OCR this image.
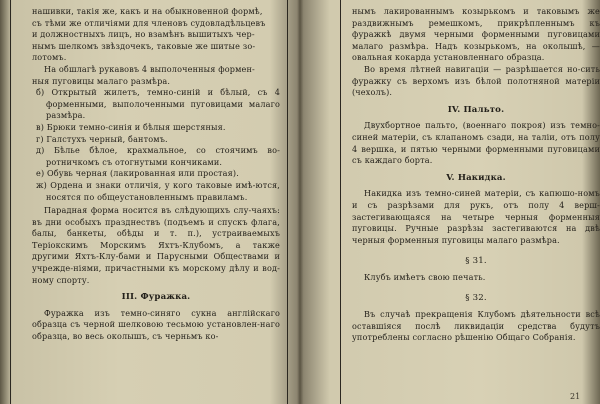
нашивки, такія же, какъ и на обыкновенной формѣ,

съ тѣми же отличіями для членовъ судовладѣльцевъ

и должностныхъ лицъ, но взамѣнъ вышитыхъ чер-

нымъ шелкомъ звѣздочекъ, таковые же шитые зо-

лотомъ.

На обшлагѣ рукавовъ 4 выполоченныя формен-

ныя пуговицы малаго размѣра.

б) Открытый жилетъ, темно-синій и бѣлый, съ 4 форменными, выполоченными пуговицами малаго размѣра.

в) Брюки темно-синія и бѣлыя шерстяныя.

г) Галстухъ черный, бантомъ.

д) Бѣлье бѣлое, крахмальное, со стоячимъ во-ротничкомъ съ отогнутыми кончиками.

е) Обувь черная (лакированная или простая).

ж) Ордена и знаки отличія, у кого таковые имѣ-ются, носятся по общеустановленнымъ правиламъ.

Парадная форма носится въ слѣдующихъ слу-чаяхъ: въ дни особыхъ празднествъ (подъемъ и спускъ флага, балы, банкеты, обѣды и т. п.), устраиваемыхъ Теріокскимъ Морскимъ Яхтъ-Клубомъ, а также другими Яхтъ-Клу-бами и Парусными Обществами и учрежде-ніями, причастными къ морскому дѣлу и вод-ному спорту.

III. Фуражка.

Фуражка изъ темно-синяго сукна англійскаго образца съ черной шелковою тесьмою установлен-наго образца, во весь околышъ, съ черньмъ ко-

нымъ лакированнымъ козырькомъ и таковымъ же раздвижнымъ ремешкомъ, прикрѣпленнымъ къ фуражкѣ двумя черными форменными пуговицами малаго размѣра. Надъ козырькомъ, на околышѣ, — овальная кокарда установленнаго образца.

Во время лѣтней навигаціи — разрѣшается но-сить фуражку съ верхомъ изъ бѣлой полотняной матеріи (чехолъ).

IV. Пальто.

Двухбортное пальто, (военнаго покроя) изъ темно-синей матеріи, съ клапаномъ сзади, на таліи, отъ полу 4 вершка, и пятью черными форменными пуговицами съ каждаго борта.

V. Накидка.

Накидка изъ темно-синей матеріи, съ капюшо-номъ и съ разрѣзами для рукъ, отъ полу 4 верш-застегивающаяся на четыре черныя форменныя пуговицы. Ручные разрѣзы застегиваются на двѣ черныя форменныя пуговицы малаго размѣра.

§ 31.

Клубъ имѣетъ свою печать.

§ 32.

Въ случаѣ прекращенія Клубомъ дѣятельности всѣ оставшіяся послѣ ликвидаціи средства будутъ употреблены согласно рѣшенію Общаго Собранія.

21
